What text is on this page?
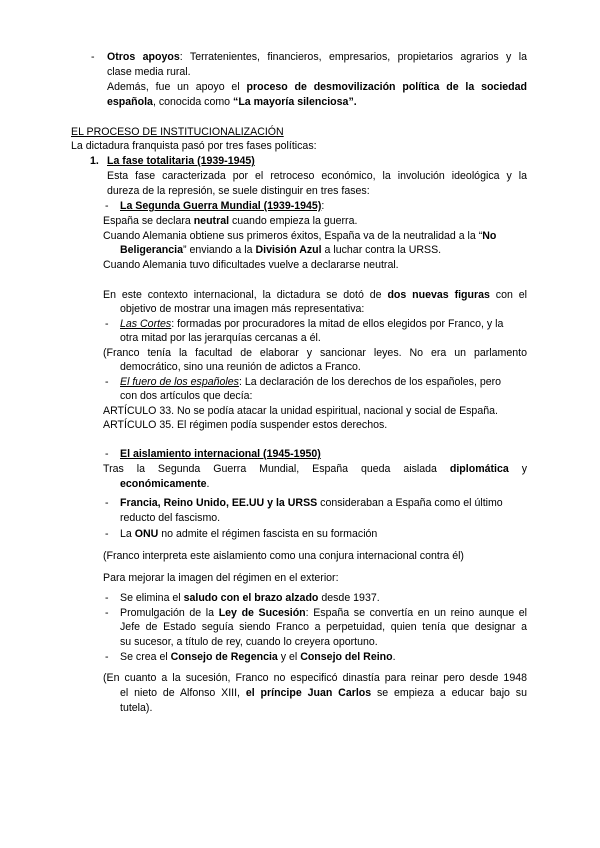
- Otros apoyos: Terratenientes, financieros, empresarios, propietarios agrarios y la
clase media rural.
Además, fue un apoyo el proceso de desmovilización política de la sociedad
española, conocida como “La mayoría silenciosa”.
EL PROCESO DE INSTITUCIONALIZACIÓN
La dictadura franquista pasó por tres fases políticas:
1. La fase totalitaria (1939-1945)
Esta fase caracterizada por el retroceso económico, la involución ideológica y la
dureza de la represión, se suele distinguir en tres fases:
- La Segunda Guerra Mundial (1939-1945):
España se declara neutral cuando empieza la guerra.
Cuando Alemania obtiene sus primeros éxitos, España va de la neutralidad a la “No
Beligerancia” enviando a la División Azul a luchar contra la URSS.
Cuando Alemania tuvo dificultades vuelve a declararse neutral.
En este contexto internacional, la dictadura se dotó de dos nuevas figuras con el
objetivo de mostrar una imagen más representativa:
- Las Cortes: formadas por procuradores la mitad de ellos elegidos por Franco, y la
otra mitad por las jerarquías cercanas a él.
(Franco tenía la facultad de elaborar y sancionar leyes. No era un parlamento
democrático, sino una reunión de adictos a Franco.
- El fuero de los españoles: La declaración de los derechos de los españoles, pero
con dos artículos que decía:
ARTÍCULO 33. No se podía atacar la unidad espiritual, nacional y social de España.
ARTÍCULO 35. El régimen podía suspender estos derechos.
- El aislamiento internacional (1945-1950)
Tras la Segunda Guerra Mundial, España queda aislada diplomática y
económicamente.
- Francia, Reino Unido, EE.UU y la URSS consideraban a España como el último
reducto del fascismo.
- La ONU no admite el régimen fascista en su formación
(Franco interpreta este aislamiento como una conjura internacional contra él)
Para mejorar la imagen del régimen en el exterior:
- Se elimina el saludo con el brazo alzado desde 1937.
- Promulgación de la Ley de Sucesión: España se convertía en un reino aunque el
Jefe de Estado seguía siendo Franco a perpetuidad, quien tenía que designar a
su sucesor, a título de rey, cuando lo creyera oportuno.
- Se crea el Consejo de Regencia y el Consejo del Reino.
(En cuanto a la sucesión, Franco no especificó dinastía para reinar pero desde 1948
el nieto de Alfonso XIII, el príncipe Juan Carlos se empieza a educar bajo su
tutela).
